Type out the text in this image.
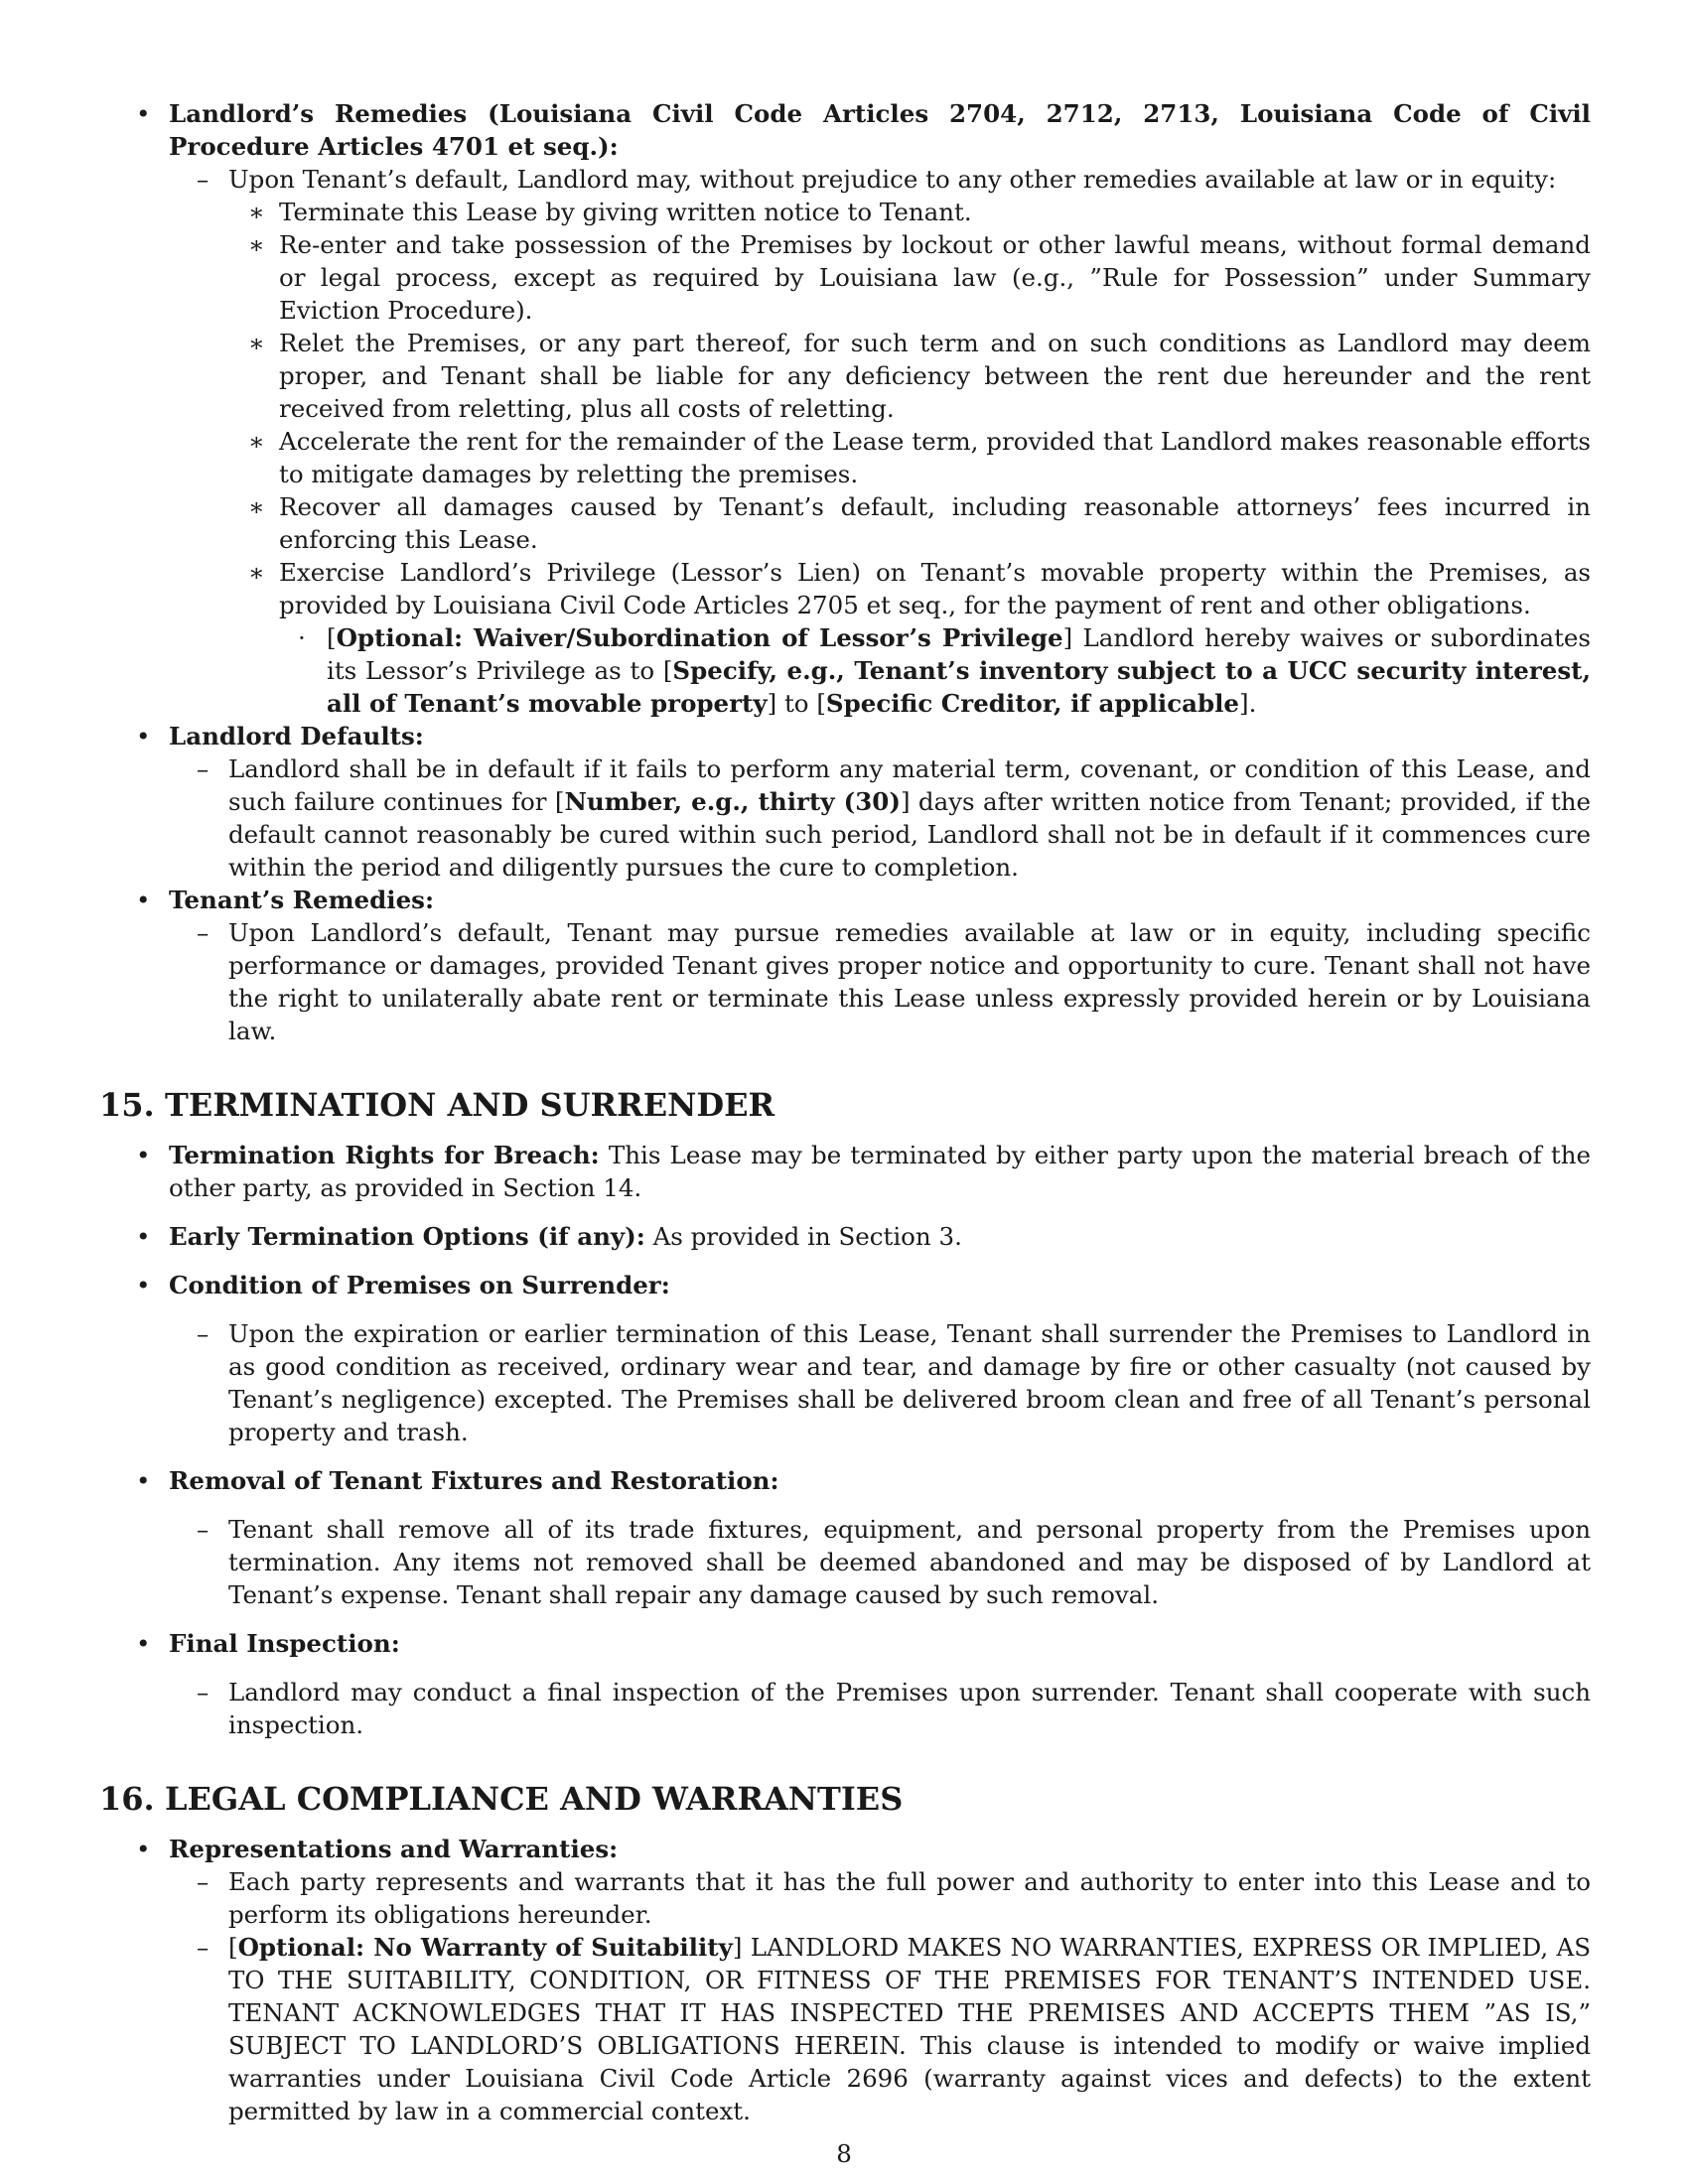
• Landlord’s Remedies (Louisiana Civil Code Articles 2704, 2712, 2713, Louisiana Code of Civil Procedure Articles 4701 et seq.):
– Upon Tenant’s default, Landlord may, without prejudice to any other remedies available at law or in equity:
∗ Terminate this Lease by giving written notice to Tenant.
∗ Re-enter and take possession of the Premises by lockout or other lawful means, without formal demand or legal process, except as required by Louisiana law (e.g., ”Rule for Possession” under Summary Eviction Procedure).
∗ Relet the Premises, or any part thereof, for such term and on such conditions as Landlord may deem proper, and Tenant shall be liable for any deficiency between the rent due hereunder and the rent received from reletting, plus all costs of reletting.
∗ Accelerate the rent for the remainder of the Lease term, provided that Landlord makes reasonable efforts to mitigate damages by reletting the premises.
∗ Recover all damages caused by Tenant’s default, including reasonable attorneys’ fees incurred in enforcing this Lease.
∗ Exercise Landlord’s Privilege (Lessor’s Lien) on Tenant’s movable property within the Premises, as provided by Louisiana Civil Code Articles 2705 et seq., for the payment of rent and other obligations.
· [Optional: Waiver/Subordination of Lessor’s Privilege] Landlord hereby waives or subordinates its Lessor’s Privilege as to [Specify, e.g., Tenant’s inventory subject to a UCC security interest, all of Tenant’s movable property] to [Specific Creditor, if applicable].
• Landlord Defaults:
– Landlord shall be in default if it fails to perform any material term, covenant, or condition of this Lease, and such failure continues for [Number, e.g., thirty (30)] days after written notice from Tenant; provided, if the default cannot reasonably be cured within such period, Landlord shall not be in default if it commences cure within the period and diligently pursues the cure to completion.
• Tenant’s Remedies:
– Upon Landlord’s default, Tenant may pursue remedies available at law or in equity, including specific performance or damages, provided Tenant gives proper notice and opportunity to cure. Tenant shall not have the right to unilaterally abate rent or terminate this Lease unless expressly provided herein or by Louisiana law.
15. TERMINATION AND SURRENDER
• Termination Rights for Breach: This Lease may be terminated by either party upon the material breach of the other party, as provided in Section 14.
• Early Termination Options (if any): As provided in Section 3.
• Condition of Premises on Surrender:
– Upon the expiration or earlier termination of this Lease, Tenant shall surrender the Premises to Landlord in as good condition as received, ordinary wear and tear, and damage by fire or other casualty (not caused by Tenant’s negligence) excepted. The Premises shall be delivered broom clean and free of all Tenant’s personal property and trash.
• Removal of Tenant Fixtures and Restoration:
– Tenant shall remove all of its trade fixtures, equipment, and personal property from the Premises upon termination. Any items not removed shall be deemed abandoned and may be disposed of by Landlord at Tenant’s expense. Tenant shall repair any damage caused by such removal.
• Final Inspection:
– Landlord may conduct a final inspection of the Premises upon surrender. Tenant shall cooperate with such inspection.
16. LEGAL COMPLIANCE AND WARRANTIES
• Representations and Warranties:
– Each party represents and warrants that it has the full power and authority to enter into this Lease and to perform its obligations hereunder.
– [Optional: No Warranty of Suitability] LANDLORD MAKES NO WARRANTIES, EXPRESS OR IMPLIED, AS TO THE SUITABILITY, CONDITION, OR FITNESS OF THE PREMISES FOR TENANT’S INTENDED USE. TENANT ACKNOWLEDGES THAT IT HAS INSPECTED THE PREMISES AND ACCEPTS THEM ”AS IS,” SUBJECT TO LANDLORD’S OBLIGATIONS HEREIN. This clause is intended to modify or waive implied warranties under Louisiana Civil Code Article 2696 (warranty against vices and defects) to the extent permitted by law in a commercial context.
8
